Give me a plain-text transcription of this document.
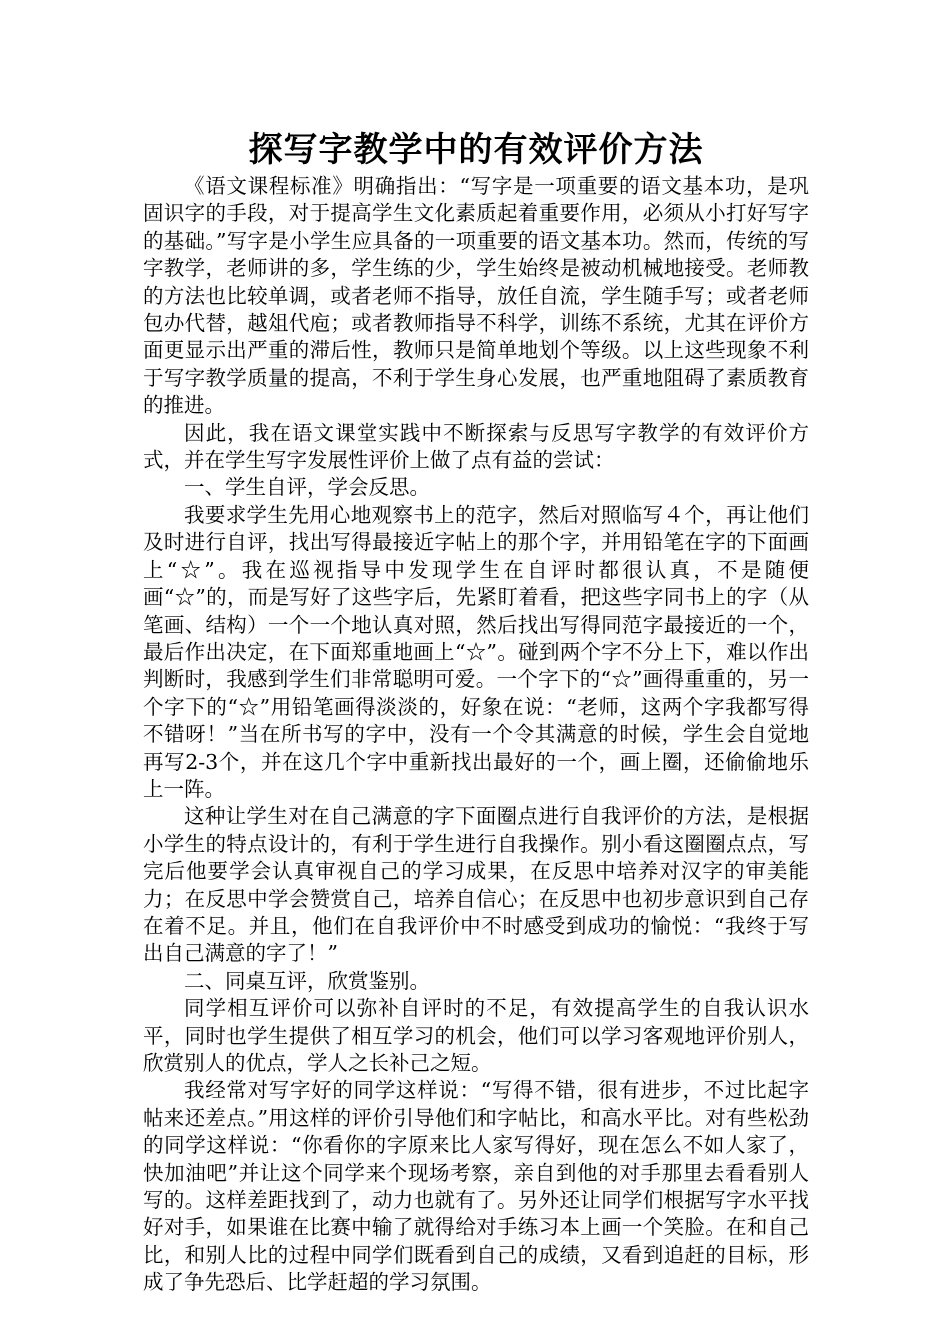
探写字教学中的有效评价方法

《语文课程标准》明确指出：“写字是一项重要的语文基本功，是巩固识字的手段，对于提高学生文化素质起着重要作用，必须从小打好写字的基础。”写字是小学生应具备的一项重要的语文基本功。然而，传统的写字教学，老师讲的多，学生练的少，学生始终是被动机械地接受。老师教的方法也比较单调，或者老师不指导，放任自流，学生随手写；或者老师包办代替，越俎代庖；或者教师指导不科学，训练不系统，尤其在评价方面更显示出严重的滞后性，教师只是简单地划个等级。以上这些现象不利于写字教学质量的提高，不利于学生身心发展，也严重地阻碍了素质教育的推进。

因此，我在语文课堂实践中不断探索与反思写字教学的有效评价方式，并在学生写字发展性评价上做了点有益的尝试：

一、学生自评，学会反思。

我要求学生先用心地观察书上的范字，然后对照临写４个，再让他们及时进行自评，找出写得最接近字帖上的那个字，并用铅笔在字的下面画上“☆”。我在巡视指导中发现学生在自评时都很认真，不是随便画“☆”的，而是写好了这些字后，先紧盯着看，把这些字同书上的字（从笔画、结构）一个一个地认真对照，然后找出写得同范字最接近的一个，最后作出决定，在下面郑重地画上“☆”。碰到两个字不分上下，难以作出判断时，我感到学生们非常聪明可爱。一个字下的“☆”画得重重的，另一个字下的“☆”用铅笔画得淡淡的，好象在说：“老师，这两个字我都写得不错呀！”当在所书写的字中，没有一个令其满意的时候，学生会自觉地再写2-3个，并在这几个字中重新找出最好的一个，画上圈，还偷偷地乐上一阵。

这种让学生对在自己满意的字下面圈点进行自我评价的方法，是根据小学生的特点设计的，有利于学生进行自我操作。别小看这圈圈点点，写完后他要学会认真审视自己的学习成果，在反思中培养对汉字的审美能力；在反思中学会赞赏自己，培养自信心；在反思中也初步意识到自己存在着不足。并且，他们在自我评价中不时感受到成功的愉悦：“我终于写出自己满意的字了！”

二、同桌互评，欣赏鉴别。

同学相互评价可以弥补自评时的不足，有效提高学生的自我认识水平，同时也学生提供了相互学习的机会，他们可以学习客观地评价别人，欣赏别人的优点，学人之长补己之短。

我经常对写字好的同学这样说：“写得不错，很有进步，不过比起字帖来还差点。”用这样的评价引导他们和字帖比，和高水平比。对有些松劲的同学这样说：“你看你的字原来比人家写得好，现在怎么不如人家了，快加油吧”并让这个同学来个现场考察，亲自到他的对手那里去看看别人写的。这样差距找到了，动力也就有了。另外还让同学们根据写字水平找好对手，如果谁在比赛中输了就得给对手练习本上画一个笑脸。在和自己比，和别人比的过程中同学们既看到自己的成绩，又看到追赶的目标，形成了争先恐后、比学赶超的学习氛围。
